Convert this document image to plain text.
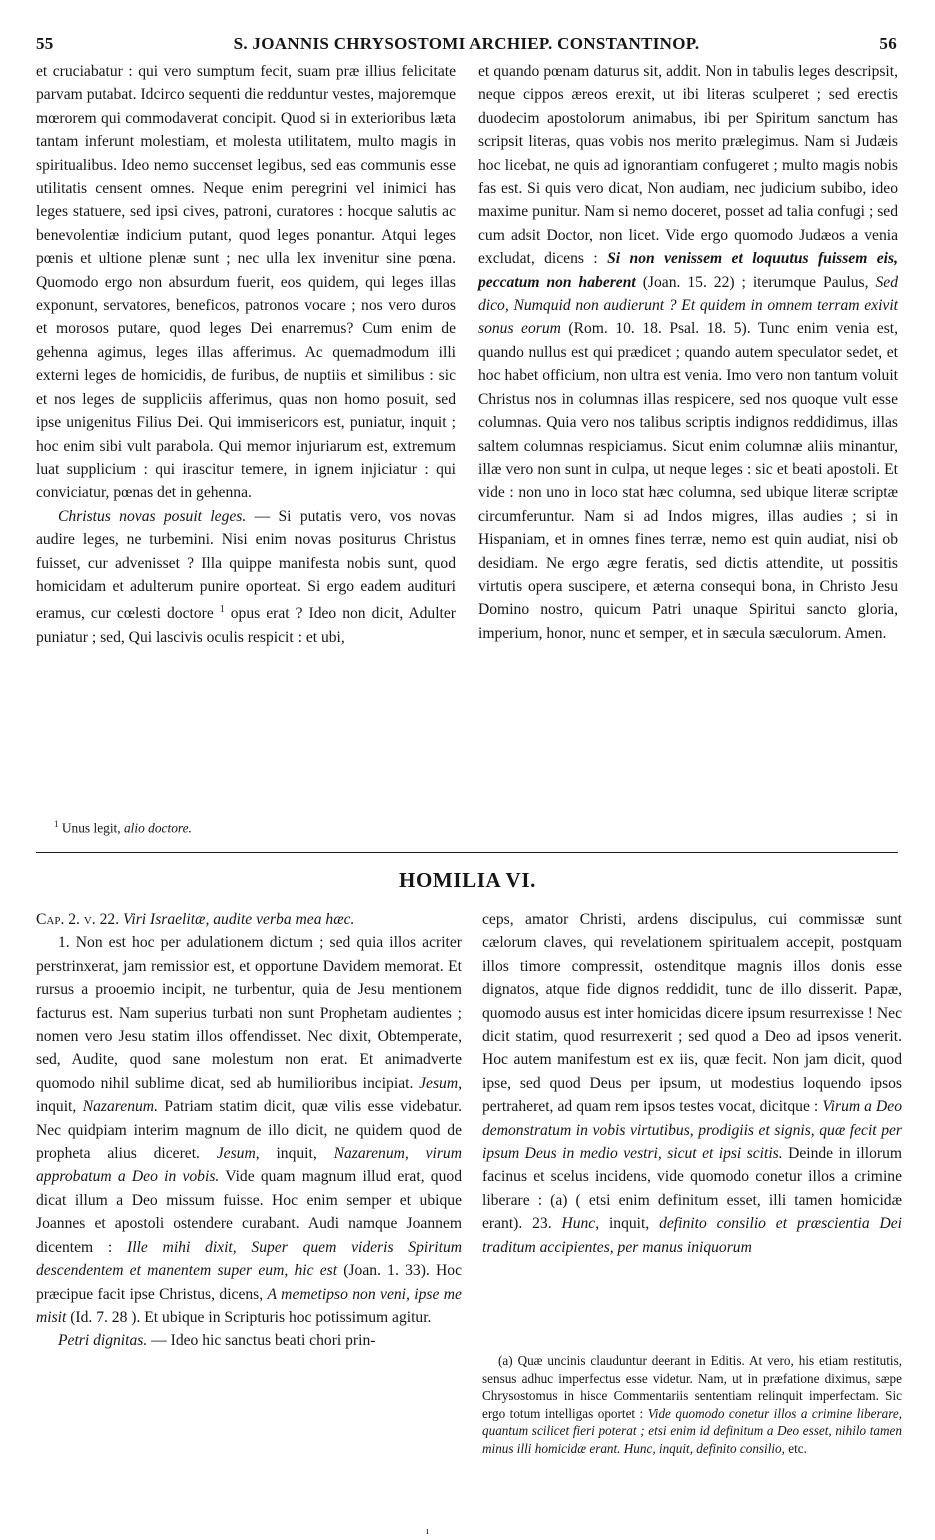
55	S. JOANNIS CHRYSOSTOMI ARCHIEP. CONSTANTINOP.	56

et cruciabatur : qui vero sumptum fecit, suam præ illius felicitate parvam putabat. Idcirco sequenti die redduntur vestes, majoremque mœrorem qui commodaverat concipit. Quod si in exterioribus læta tantam inferunt molestiam, et molesta utilitatem, multo magis in spiritualibus. Ideo nemo succenset legibus, sed eas communis esse utilitatis censent omnes. Neque enim peregrini vel inimici has leges statuere, sed ipsi cives, patroni, curatores : hocque salutis ac benevolentiæ indicium putant, quod leges ponantur. Atqui leges pœnis et ultione plenæ sunt ; nec ulla lex invenitur sine pœna. Quomodo ergo non absurdum fuerit, eos quidem, qui leges illas exponunt, servatores, beneficos, patronos vocare ; nos vero duros et morosos putare, quod leges Dei enarremus? Cum enim de gehenna agimus, leges illas afferimus. Ac quemadmodum illi externi leges de homicidis, de furibus, de nuptiis et similibus : sic et nos leges de suppliciis afferimus, quas non homo posuit, sed ipse unigenitus Filius Dei. Qui immisericors est, puniatur, inquit ; hoc enim sibi vult parabola. Qui memor injuriarum est, extremum luat supplicium : qui irascitur temere, in ignem injiciatur : qui conviciatur, pœnas det in gehenna.

Christus novas posuit leges. — Si putatis vero, vos novas audire leges, ne turbemini. Nisi enim novas positurus Christus fuisset, cur advenisset ? Illa quippe manifesta nobis sunt, quod homicidam et adulterum punire oporteat. Si ergo eadem audituri eramus, cur cœlesti doctore $^1$ opus erat ? Ideo non dicit, Adulter puniatur ; sed, Qui lascivis oculis respicit : et ubi,

$^1$ Unus legit, alio doctore.

et quando pœnam daturus sit, addit. Non in tabulis leges descripsit, neque cippos æreos erexit, ut ibi literas sculperet ; sed erectis duodecim apostolorum animabus, ibi per Spiritum sanctum has scripsit literas, quas vobis nos merito prælegimus. Nam si Judæis hoc licebat, ne quis ad ignorantiam confugeret ; multo magis nobis fas est. Si quis vero dicat, Non audiam, nec judicium subibo, ideo maxime punitur. Nam si nemo doceret, posset ad talia confugi ; sed cum adsit Doctor, non licet. Vide ergo quomodo Judæos a venia excludat, dicens : Si non venissem et loquutus fuissem eis, peccatum non haberent (Joan. 15. 22) ; iterumque Paulus, Sed dico, Numquid non audierunt ? Et quidem in omnem terram exivit sonus eorum (Rom. 10. 18. Psal. 18. 5). Tunc enim venia est, quando nullus est qui prædicet ; quando autem speculator sedet, et hoc habet officium, non ultra est venia. Imo vero non tantum voluit Christus nos in columnas illas respicere, sed nos quoque vult esse columnas. Quia vero nos talibus scriptis indignos reddidimus, illas saltem columnas respiciamus. Sicut enim columnæ aliis minantur, illæ vero non sunt in culpa, ut neque leges : sic et beati apostoli. Et vide : non uno in loco stat hæc columna, sed ubique literæ scriptæ circumferuntur. Nam si ad Indos migres, illas audies ; si in Hispaniam, et in omnes fines terræ, nemo est quin audiat, nisi ob desidiam. Ne ergo ægre feratis, sed dictis attendite, ut possitis virtutis opera suscipere, et æterna consequi bona, in Christo Jesu Domino nostro, quicum Patri unaque Spiritui sancto gloria, imperium, honor, nunc et semper, et in sæcula sæculorum. Amen.

HOMILIA VI.

Cap. 2. v. 22. Viri Israelitæ, audite verba mea hæc.

1. Non est hoc per adulationem dictum ; sed quia illos acriter perstrinxerat, jam remissior est, et opportune Davidem memorat. Et rursus a prooemio incipit, ne turbentur, quia de Jesu mentionem facturus est. Nam superius turbati non sunt Prophetam audientes ; nomen vero Jesu statim illos offendisset. Nec dixit, Obtemperate, sed, Audite, quod sane molestum non erat. Et animadverte quomodo nihil sublime dicat, sed ab humilioribus incipiat. Jesum, inquit, Nazarenum. Patriam statim dicit, quæ vilis esse videbatur. Nec quidpiam interim magnum de illo dicit, ne quidem quod de propheta alius diceret. Jesum, inquit, Nazarenum, virum approbatum a Deo in vobis. Vide quam magnum illud erat, quod dicat illum a Deo missum fuisse. Hoc enim semper et ubique Joannes et apostoli ostendere curabant. Audi namque Joannem dicentem : Ille mihi dixit, Super quem videris Spiritum descendentem et manentem super eum, hic est (Joan. 1. 33). Hoc præcipue facit ipse Christus, dicens, A memetipso non veni, ipse me misit (Id. 7. 28 ). Et ubique in Scripturis hoc potissimum agitur.

Petri dignitas. — Ideo hic sanctus beati chori prin-

ceps, amator Christi, ardens discipulus, cui commissæ sunt cælorum claves, qui revelationem spiritualem accepit, postquam illos timore compressit, ostenditque magnis illos donis esse dignatos, atque fide dignos reddidit, tunc de illo disserit. Papæ, quomodo ausus est inter homicidas dicere ipsum resurrexisse ! Nec dicit statim, quod resurrexerit ; sed quod a Deo ad ipsos venerit. Hoc autem manifestum est ex iis, quæ fecit. Non jam dicit, quod ipse, sed quod Deus per ipsum, ut modestius loquendo ipsos pertraheret, ad quam rem ipsos testes vocat, dicitque : Virum a Deo demonstratum in vobis virtutibus, prodigiis et signis, quæ fecit per ipsum Deus in medio vestri, sicut et ipsi scitis. Deinde in illorum facinus et scelus incidens, vide quomodo conetur illos a crimine liberare : (a) ( etsi enim definitum esset, illi tamen homicidæ erant). 23. Hunc, inquit, definito consilio et præscientia Dei traditum accipientes, per manus iniquorum

(a) Quæ uncinis clauduntur deerant in Editis. At vero, his etiam restitutis, sensus adhuc imperfectus esse videtur. Nam, ut in præfatione diximus, sæpe Chrysostomus in hisce Commentariis sententiam relinquit imperfectam. Sic ergo totum intelligas oportet : Vide quomodo conetur illos a crimine liberare, quantum scilicet fieri poterat ; etsi enim id definitum a Deo esset, nihilo tamen minus illi homicidæ erant. Hunc, inquit, definito consilio, etc.

ı
